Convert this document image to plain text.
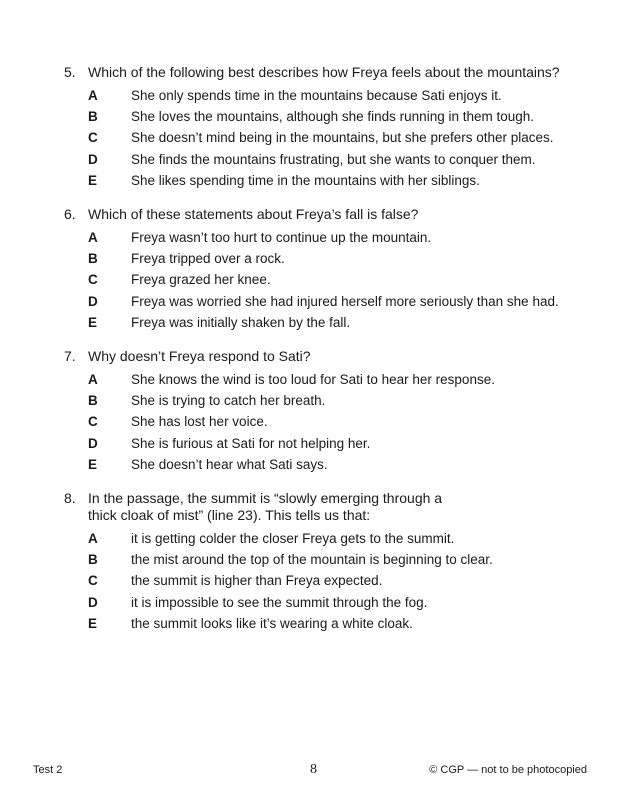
5. Which of the following best describes how Freya feels about the mountains?
A	She only spends time in the mountains because Sati enjoys it.
B	She loves the mountains, although she finds running in them tough.
C	She doesn’t mind being in the mountains, but she prefers other places.
D	She finds the mountains frustrating, but she wants to conquer them.
E	She likes spending time in the mountains with her siblings.
6. Which of these statements about Freya’s fall is false?
A	Freya wasn’t too hurt to continue up the mountain.
B	Freya tripped over a rock.
C	Freya grazed her knee.
D	Freya was worried she had injured herself more seriously than she had.
E	Freya was initially shaken by the fall.
7. Why doesn’t Freya respond to Sati?
A	She knows the wind is too loud for Sati to hear her response.
B	She is trying to catch her breath.
C	She has lost her voice.
D	She is furious at Sati for not helping her.
E	She doesn’t hear what Sati says.
8. In the passage, the summit is “slowly emerging through a
thick cloak of mist” (line 23). This tells us that:
A	it is getting colder the closer Freya gets to the summit.
B	the mist around the top of the mountain is beginning to clear.
C	the summit is higher than Freya expected.
D	it is impossible to see the summit through the fog.
E	the summit looks like it’s wearing a white cloak.
Test 2	8	© CGP — not to be photocopied
